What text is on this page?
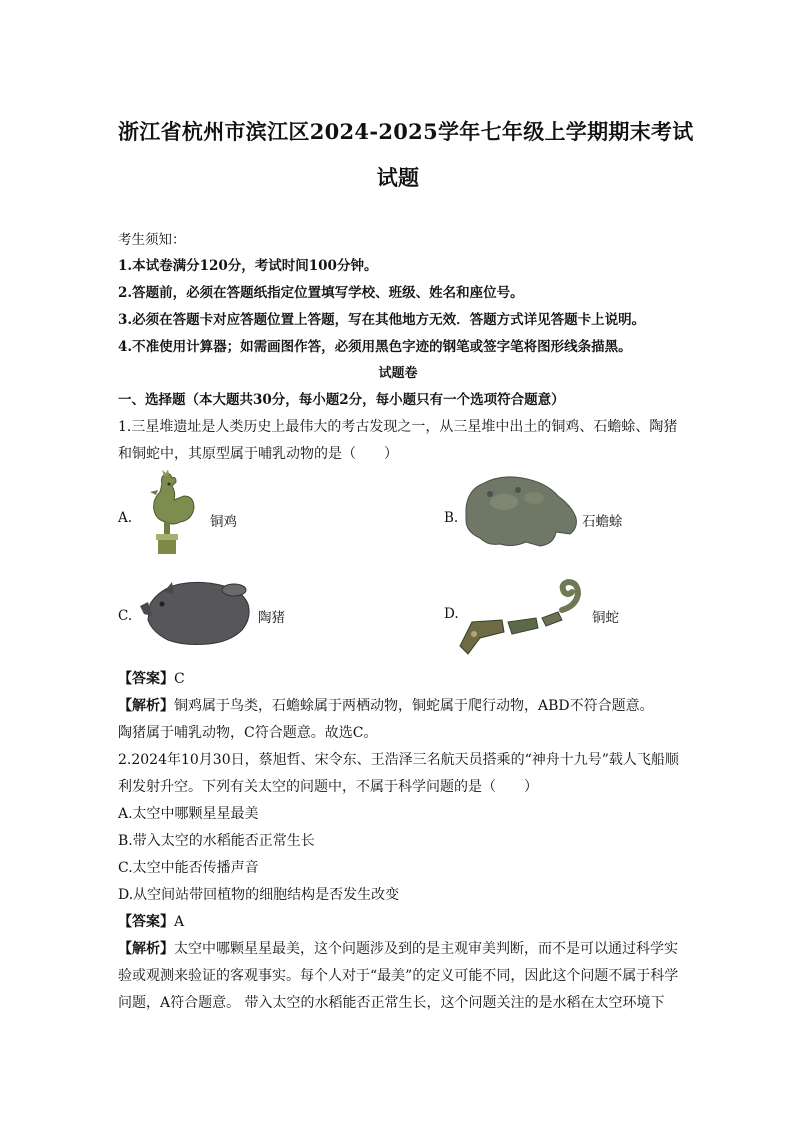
浙江省杭州市滨江区2024-2025学年七年级上学期期末考试
试题
考生须知：
1.本试卷满分120分，考试时间100分钟。
2.答题前，必须在答题纸指定位置填写学校、班级、姓名和座位号。
3.必须在答题卡对应答题位置上答题，写在其他地方无效．答题方式详见答题卡上说明。
4.不准使用计算器；如需画图作答，必须用黑色字迹的钢笔或签字笔将图形线条描黑。
试题卷
一、选择题（本大题共30分，每小题2分，每小题只有一个选项符合题意）
1.三星堆遗址是人类历史上最伟大的考古发现之一，从三星堆中出土的铜鸡、石蟾蜍、陶猪
和铜蛇中，其原型属于哺乳动物的是（　　）
A.	铜鸡	B.	石蟾蜍
C.	陶猪	D.	铜蛇
【答案】C
【解析】铜鸡属于鸟类，石蟾蜍属于两栖动物，铜蛇属于爬行动物，ABD不符合题意。
陶猪属于哺乳动物，C符合题意。故选C。
2.2024年10月30日，蔡旭哲、宋令东、王浩泽三名航天员搭乘的“神舟十九号”载人飞船顺
利发射升空。下列有关太空的问题中，不属于科学问题的是（　　）
A.太空中哪颗星星最美
B.带入太空的水稻能否正常生长
C.太空中能否传播声音
D.从空间站带回植物的细胞结构是否发生改变
【答案】A
【解析】太空中哪颗星星最美，这个问题涉及到的是主观审美判断，而不是可以通过科学实
验或观测来验证的客观事实。每个人对于“最美”的定义可能不同，因此这个问题不属于科学
问题，A符合题意。 带入太空的水稻能否正常生长，这个问题关注的是水稻在太空环境下
